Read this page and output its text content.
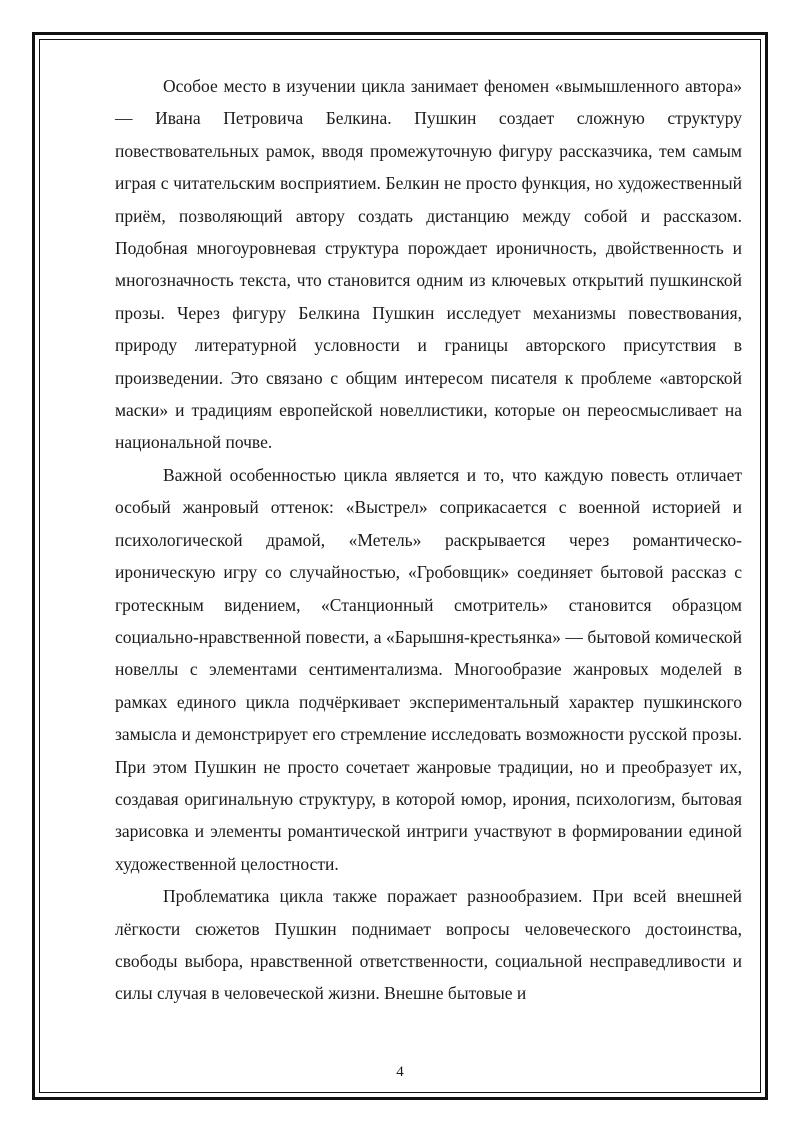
Особое место в изучении цикла занимает феномен «вымышленного автора» — Ивана Петровича Белкина. Пушкин создает сложную структуру повествовательных рамок, вводя промежуточную фигуру рассказчика, тем самым играя с читательским восприятием. Белкин не просто функция, но художественный приём, позволяющий автору создать дистанцию между собой и рассказом. Подобная многоуровневая структура порождает ироничность, двойственность и многозначность текста, что становится одним из ключевых открытий пушкинской прозы. Через фигуру Белкина Пушкин исследует механизмы повествования, природу литературной условности и границы авторского присутствия в произведении. Это связано с общим интересом писателя к проблеме «авторской маски» и традициям европейской новеллистики, которые он переосмысливает на национальной почве.

Важной особенностью цикла является и то, что каждую повесть отличает особый жанровый оттенок: «Выстрел» соприкасается с военной историей и психологической драмой, «Метель» раскрывается через романтическо-ироническую игру со случайностью, «Гробовщик» соединяет бытовой рассказ с гротескным видением, «Станционный смотритель» становится образцом социально-нравственной повести, а «Барышня-крестьянка» — бытовой комической новеллы с элементами сентиментализма. Многообразие жанровых моделей в рамках единого цикла подчёркивает экспериментальный характер пушкинского замысла и демонстрирует его стремление исследовать возможности русской прозы. При этом Пушкин не просто сочетает жанровые традиции, но и преобразует их, создавая оригинальную структуру, в которой юмор, ирония, психологизм, бытовая зарисовка и элементы романтической интриги участвуют в формировании единой художественной целостности.

Проблематика цикла также поражает разнообразием. При всей внешней лёгкости сюжетов Пушкин поднимает вопросы человеческого достоинства, свободы выбора, нравственной ответственности, социальной несправедливости и силы случая в человеческой жизни. Внешне бытовые и

4
